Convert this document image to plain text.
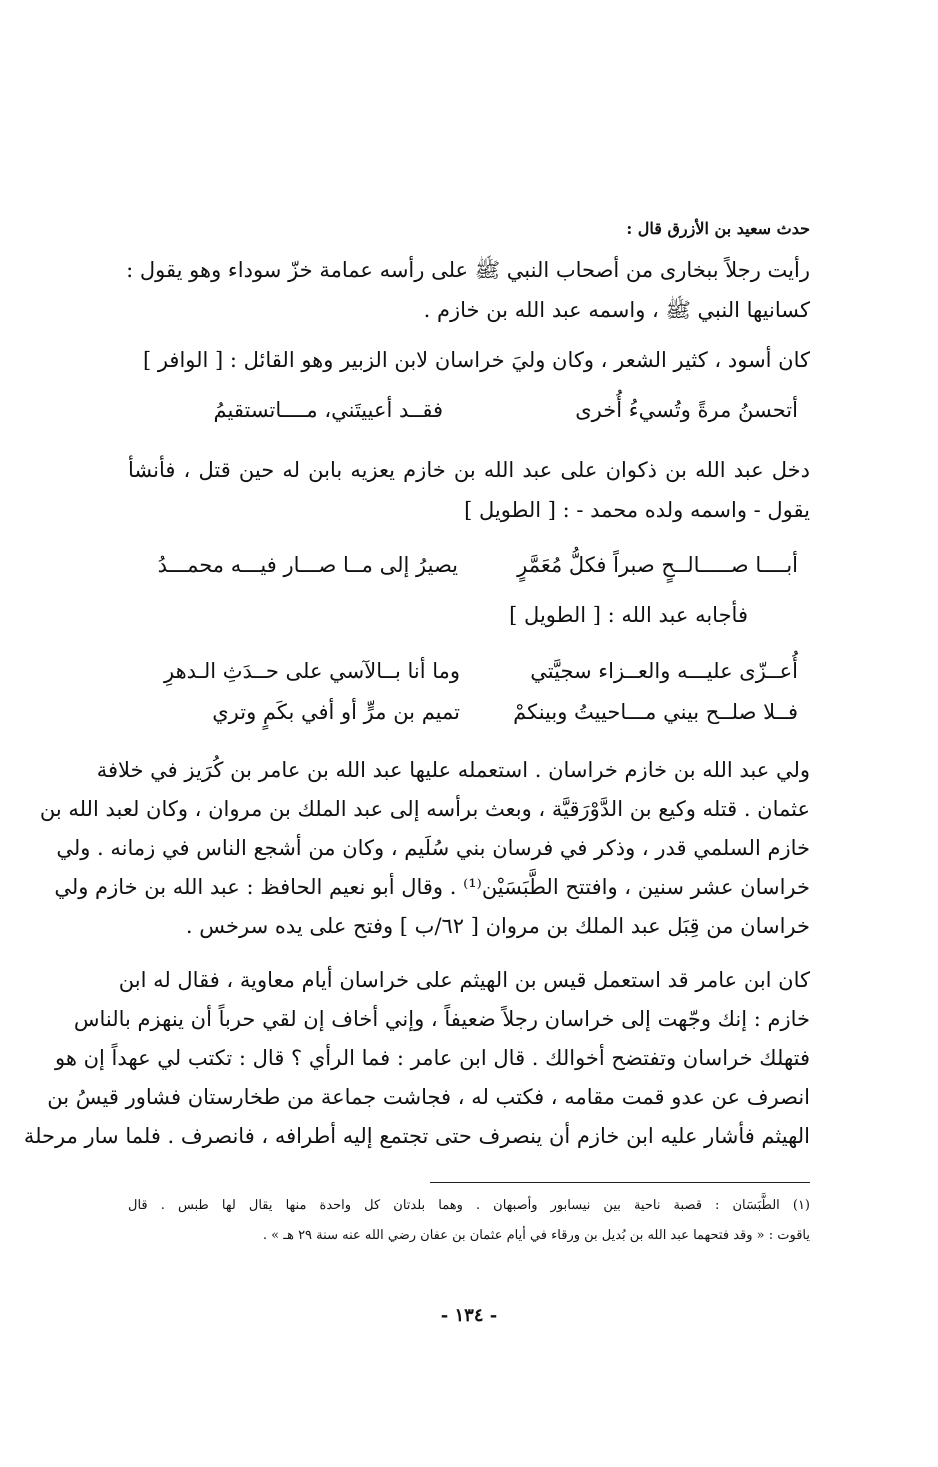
حدث سعيد بن الأزرق قال :
رأيت رجلاً ببخارى من أصحاب النبي ﷺ على رأسه عمامة خزّ سوداء وهو يقول :
كسانيها النبي ﷺ ، واسمه عبد الله بن خازم .
كان أسود ، كثير الشعر ، وكان وليَ خراسان لابن الزبير وهو القائل : [ الوافر ]
أتحسنُ مرةً وتُسيءُ أُخرى
فقــد أعييتَني، مــــاتستقيمُ
دخل عبد الله بن ذكوان على عبد الله بن خازم يعزيه بابن له حين قتل ، فأنشأ
يقول - واسمه ولده محمد - : [ الطويل ]
أبــــا صـــــالــحٍ صبراً فكلُّ مُعَمَّرٍ
يصيرُ إلى مــا صـــار فيـــه محمـــدُ
فأجابه عبد الله : [ الطويل ]
أُعــزّى عليـــه والعــزاء سجيَّتي
وما أنا بــالآسي على حــدَثِ الـدهرِ
فــلا صلــح بيني مـــاحييتُ وبينكمْ
تميم بن مرٍّ أو أفي بكَمٍ وتري
ولي عبد الله بن خازم خراسان . استعمله عليها عبد الله بن عامر بن كُرَيز في خلافة
عثمان . قتله وكيع بن الدَّوْرَقيَّة ، وبعث برأسه إلى عبد الملك بن مروان ، وكان لعبد الله بن
خازم السلمي قدر ، وذكر في فرسان بني سُلَيم ، وكان من أشجع الناس في زمانه . ولي
خراسان عشر سنين ، وافتتح الطَّبَسَيْن⁽¹⁾ . وقال أبو نعيم الحافظ : عبد الله بن خازم ولي
خراسان من قِبَل عبد الملك بن مروان [ ٦٢/ب ] وفتح على يده سرخس .
كان ابن عامر قد استعمل قيس بن الهيثم على خراسان أيام معاوية ، فقال له ابن
خازم : إنك وجّهت إلى خراسان رجلاً ضعيفاً ، وإني أخاف إن لقي حرباً أن ينهزم بالناس
فتهلك خراسان وتفتضح أخوالك . قال ابن عامر : فما الرأي ؟ قال : تكتب لي عهداً إن هو
انصرف عن عدو قمت مقامه ، فكتب له ، فجاشت جماعة من طخارستان فشاور قيسُ بن
الهيثم فأشار عليه ابن خازم أن ينصرف حتى تجتمع إليه أطرافه ، فانصرف . فلما سار مرحلة
(١) الطَّبَسَان : قصبة ناحية بين نيسابور وأصبهان . وهما بلدتان كل واحدة منها يقال لها طبس . قال
ياقوت : « وقد فتحهما عبد الله بن بُديل بن ورقاء في أيام عثمان بن عفان رضي الله عنه سنة ٢٩ هـ » .
- ١٣٤ -
